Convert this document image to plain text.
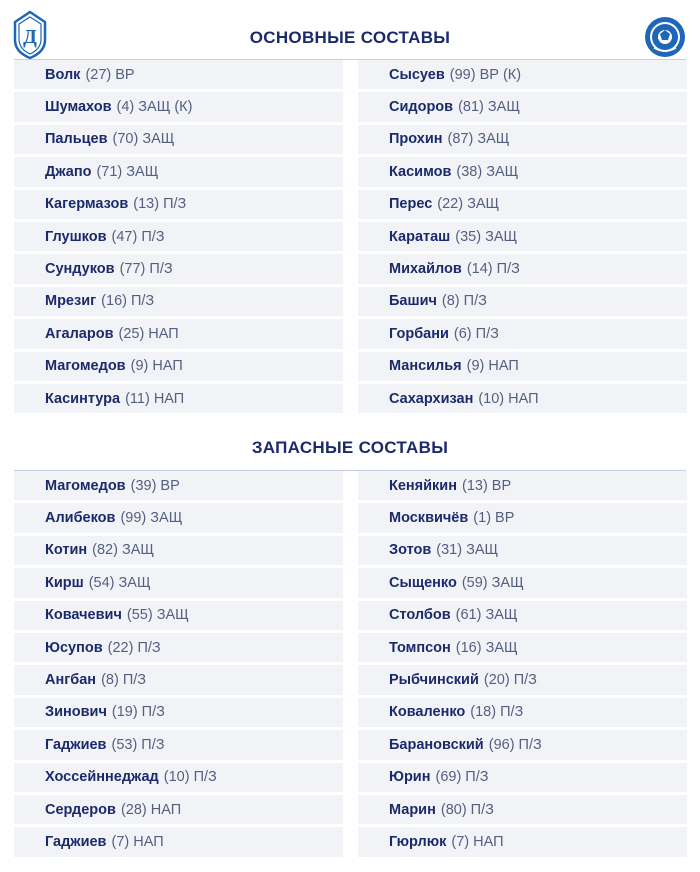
Д	ОСНОВНЫЕ СОСТАВЫ
Волк (27) ВР
Шумахов (4) ЗАЩ (К)
Пальцев (70) ЗАЩ
Джапо (71) ЗАЩ
Кагермазов (13) П/З
Глушков (47) П/З
Сундуков (77) П/З
Мрезиг (16) П/З
Агаларов (25) НАП
Магомедов (9) НАП
Касинтура (11) НАП
Сысуев (99) ВР (К)
Сидоров (81) ЗАЩ
Прохин (87) ЗАЩ
Касимов (38) ЗАЩ
Перес (22) ЗАЩ
Караташ (35) ЗАЩ
Михайлов (14) П/З
Башич (8) П/З
Горбани (6) П/З
Мансилья (9) НАП
Сахархизан (10) НАП
ЗАПАСНЫЕ СОСТАВЫ
Магомедов (39) ВР
Алибеков (99) ЗАЩ
Котин (82) ЗАЩ
Кирш (54) ЗАЩ
Ковачевич (55) ЗАЩ
Юсупов (22) П/З
Ангбан (8) П/З
Зинович (19) П/З
Гаджиев (53) П/З
Хоссейннеджад (10) П/З
Сердеров (28) НАП
Гаджиев (7) НАП
Кеняйкин (13) ВР
Москвичёв (1) ВР
Зотов (31) ЗАЩ
Сыщенко (59) ЗАЩ
Столбов (61) ЗАЩ
Томпсон (16) ЗАЩ
Рыбчинский (20) П/З
Коваленко (18) П/З
Барановский (96) П/З
Юрин (69) П/З
Марин (80) П/З
Гюрлюк (7) НАП
